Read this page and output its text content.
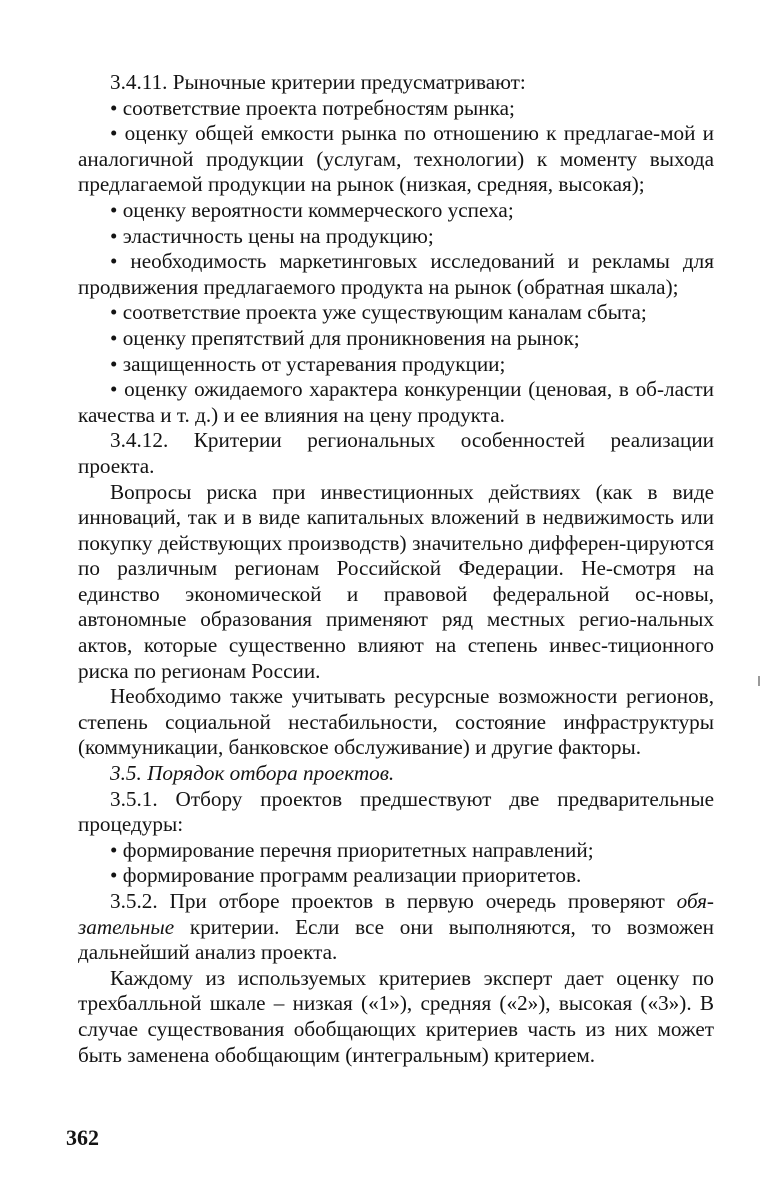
3.4.11. Рыночные критерии предусматривают:

• соответствие проекта потребностям рынка;

• оценку общей емкости рынка по отношению к предлагае-мой и аналогичной продукции (услугам, технологии) к моменту выхода предлагаемой продукции на рынок (низкая, средняя, высокая);

• оценку вероятности коммерческого успеха;

• эластичность цены на продукцию;

• необходимость маркетинговых исследований и рекламы для продвижения предлагаемого продукта на рынок (обратная шкала);

• соответствие проекта уже существующим каналам сбыта;

• оценку препятствий для проникновения на рынок;

• защищенность от устаревания продукции;

• оценку ожидаемого характера конкуренции (ценовая, в об-ласти качества и т. д.) и ее влияния на цену продукта.

3.4.12. Критерии региональных особенностей реализации проекта.

Вопросы риска при инвестиционных действиях (как в виде инноваций, так и в виде капитальных вложений в недвижимость или покупку действующих производств) значительно дифферен-цируются по различным регионам Российской Федерации. Не-смотря на единство экономической и правовой федеральной ос-новы, автономные образования применяют ряд местных регио-нальных актов, которые существенно влияют на степень инвес-тиционного риска по регионам России.

Необходимо также учитывать ресурсные возможности регионов, степень социальной нестабильности, состояние инфраструктуры (коммуникации, банковское обслуживание) и другие факторы.

3.5. Порядок отбора проектов.

3.5.1. Отбору проектов предшествуют две предварительные процедуры:

• формирование перечня приоритетных направлений;

• формирование программ реализации приоритетов.

3.5.2. При отборе проектов в первую очередь проверяют обя-зательные критерии. Если все они выполняются, то возможен дальнейший анализ проекта.

Каждому из используемых критериев эксперт дает оценку по трехбалльной шкале – низкая («1»), средняя («2»), высокая («3»). В случае существования обобщающих критериев часть из них может быть заменена обобщающим (интегральным) критерием.

362
